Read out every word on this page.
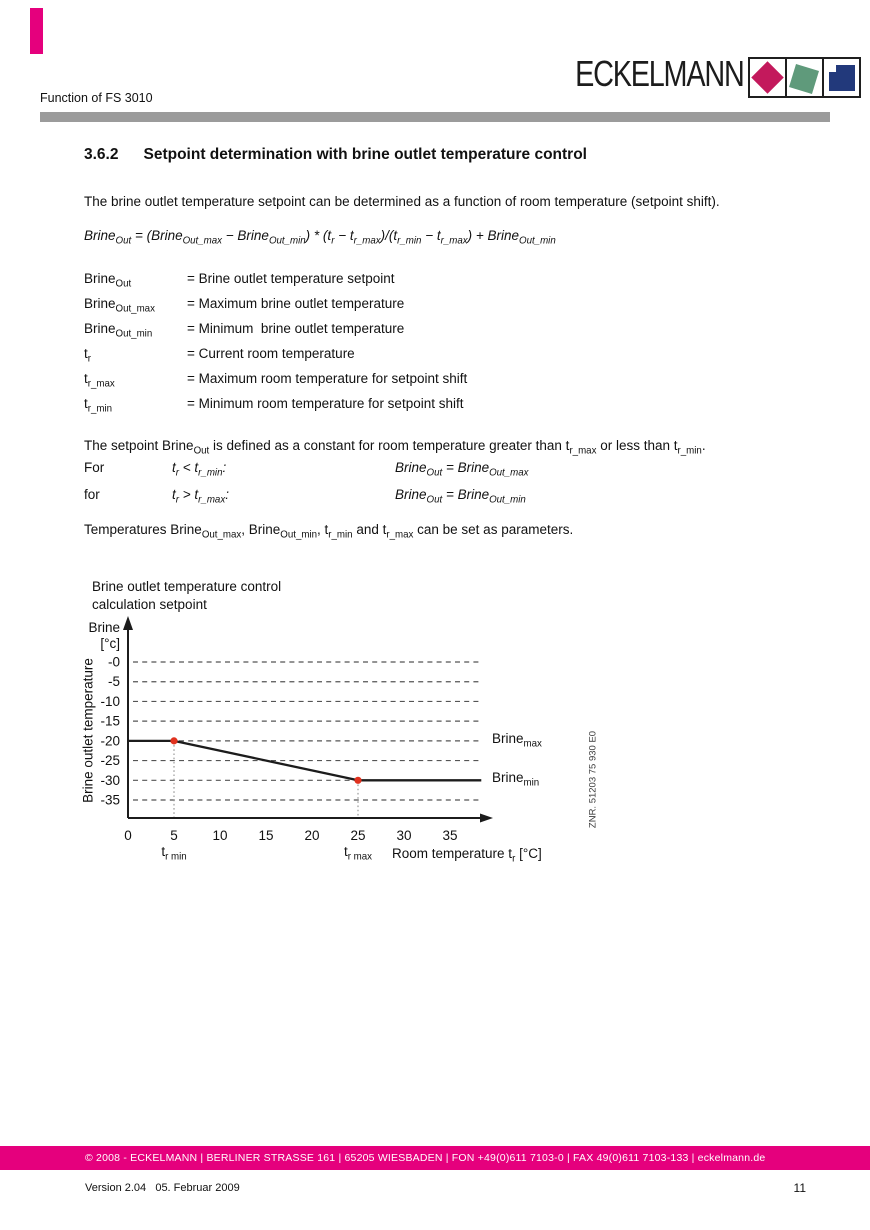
Function of FS 3010
ECKELMANN
3.6.2 Setpoint determination with brine outlet temperature control
The brine outlet temperature setpoint can be determined as a function of room temperature (setpoint shift).
Brine$_{Out}$ = (Brine$_{Out\_max}$ − Brine$_{Out\_min}$) * $(t_r - t_{r\_max})/(t_{r\_min} - t_{r\_max})$ + Brine$_{Out\_min}$
Brine$_{Out}$	= Brine outlet temperature setpoint
Brine$_{Out\_max}$	= Maximum brine outlet temperature
Brine$_{Out\_min}$	= Minimum  brine outlet temperature
$t_r$	= Current room temperature
$t_{r\_max}$	= Maximum room temperature for setpoint shift
$t_{r\_min}$	= Minimum room temperature for setpoint shift
The setpoint Brine$_{Out}$ is defined as a constant for room temperature greater than $t_{r\_max}$ or less than $t_{r\_min}$.
For	$t_r < t_{r\_min}$:	Brine$_{Out}$ = Brine$_{Out\_max}$
for	$t_r > t_{r\_max}$:	Brine$_{Out}$ = Brine$_{Out\_min}$
Temperatures Brine$_{Out\_max}$, Brine$_{Out\_min}$, $t_{r\_min}$ and $t_{r\_max}$ can be set as parameters.
-0
-5
-10
-15
-20
-25
-30
-35
0	5	10 15 20 25 30 35
Brine outlet temperature control
calculation setpoint
Brine
[°c]
Brine outlet temperature	Brine$_{max}$
Brine$_{min}$
$t_{r min}$	$t_{r max}$	Room temperature $t_r$ [°C]
ZNR. 51203 75 930 E0
© 2008 - ECKELMANN | BERLINER STRASSE 161 | 65205 WIESBADEN | FON +49(0)611 7103-0 | FAX 49(0)611 7103-133 | eckelmann.de
Version 2.04   05. Februar 2009	11
